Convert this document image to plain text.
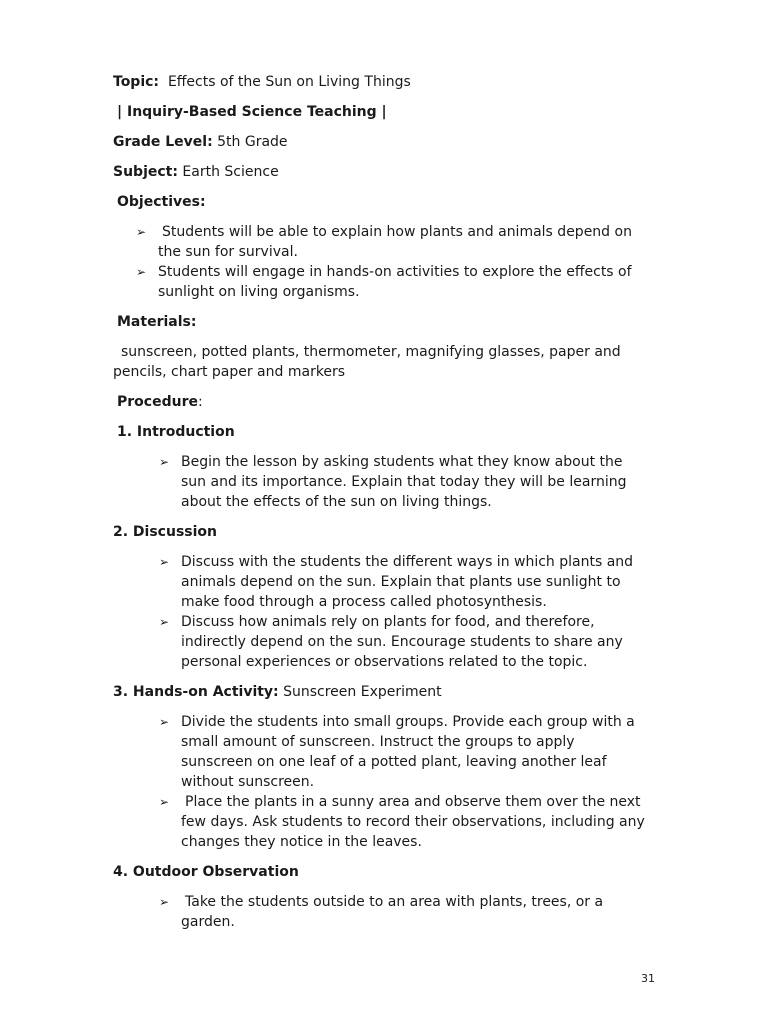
Topic: Effects of the Sun on Living Things
| Inquiry-Based Science Teaching |
Grade Level: 5th Grade
Subject: Earth Science
Objectives:
➢ Students will be able to explain how plants and animals depend on
the sun for survival.
➢ Students will engage in hands-on activities to explore the effects of
sunlight on living organisms.
Materials:
sunscreen, potted plants, thermometer, magnifying glasses, paper and
pencils, chart paper and markers
Procedure:
1. Introduction
➢ Begin the lesson by asking students what they know about the
sun and its importance. Explain that today they will be learning
about the effects of the sun on living things.
2. Discussion
➢ Discuss with the students the different ways in which plants and
animals depend on the sun. Explain that plants use sunlight to
make food through a process called photosynthesis.
➢ Discuss how animals rely on plants for food, and therefore,
indirectly depend on the sun. Encourage students to share any
personal experiences or observations related to the topic.
3. Hands-on Activity: Sunscreen Experiment
➢ Divide the students into small groups. Provide each group with a
small amount of sunscreen. Instruct the groups to apply
sunscreen on one leaf of a potted plant, leaving another leaf
without sunscreen.
➢ Place the plants in a sunny area and observe them over the next
few days. Ask students to record their observations, including any
changes they notice in the leaves.
4. Outdoor Observation
➢ Take the students outside to an area with plants, trees, or a
garden.
31
